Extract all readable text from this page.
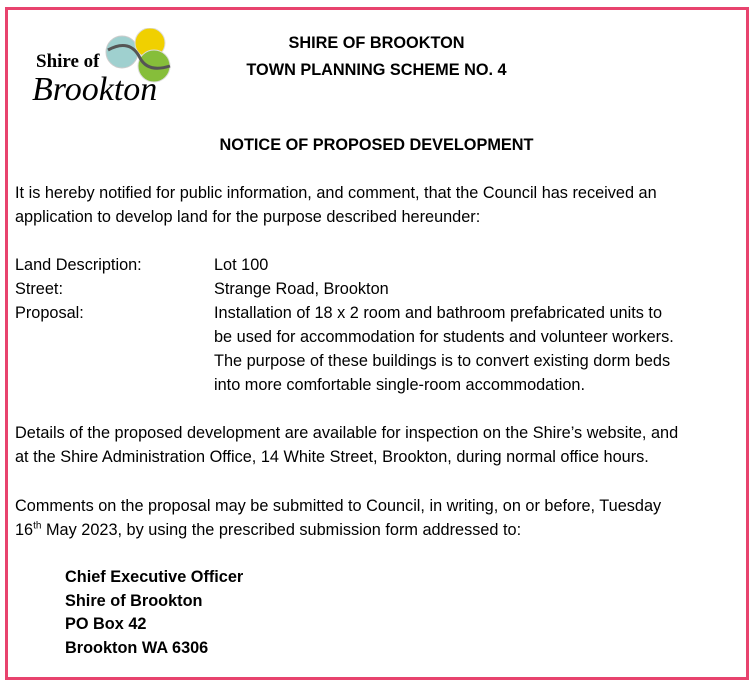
Shire of
Brookton
SHIRE OF BROOKTON
TOWN PLANNING SCHEME NO. 4
NOTICE OF PROPOSED DEVELOPMENT
It is hereby notified for public information, and comment, that the Council has received an
application to develop land for the purpose described hereunder:
Land Description:	Lot 100
Street:	Strange Road, Brookton
Proposal:	Installation of 18 x 2 room and bathroom prefabricated units to
be used for accommodation for students and volunteer workers.
The purpose of these buildings is to convert existing dorm beds
into more comfortable single-room accommodation.
Details of the proposed development are available for inspection on the Shire’s website, and
at the Shire Administration Office, 14 White Street, Brookton, during normal office hours.
Comments on the proposal may be submitted to Council, in writing, on or before, Tuesday
16th May 2023, by using the prescribed submission form addressed to:
Chief Executive Officer
Shire of Brookton
PO Box 42
Brookton WA 6306
